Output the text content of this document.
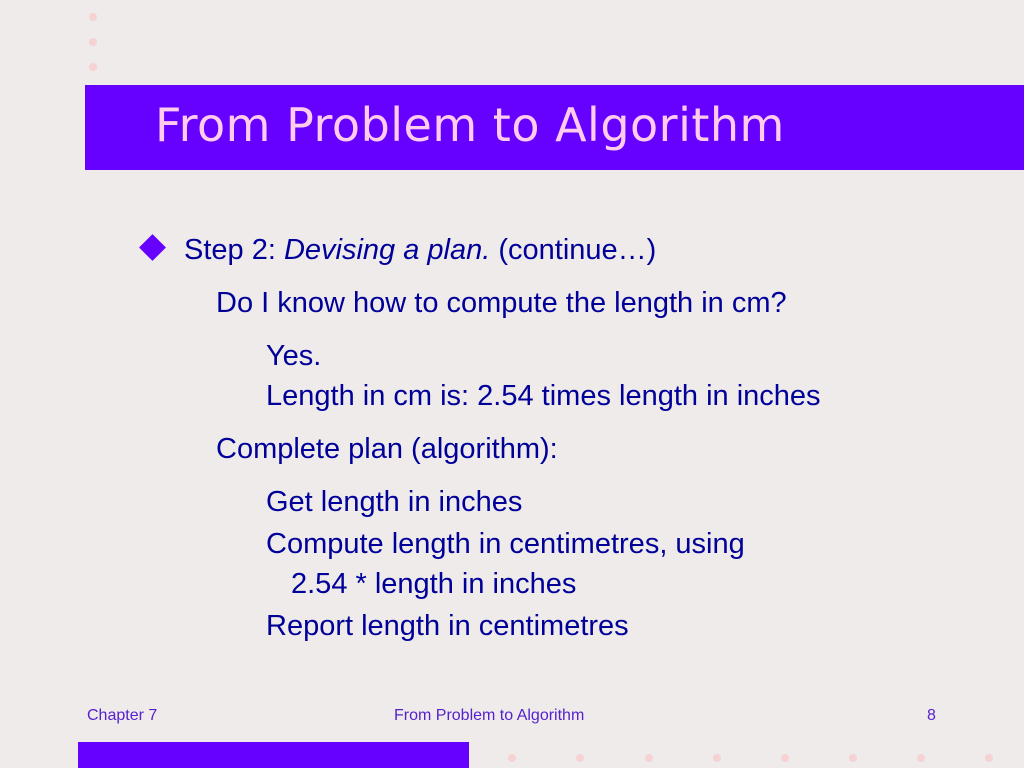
From Problem to Algorithm

Step 2: Devising a plan. (continue…)

Do I know how to compute the length in cm?

Yes.

Length in cm is: 2.54 times length in inches

Complete plan (algorithm):

Get length in inches

Compute length in centimetres, using

2.54 * length in inches

Report length in centimetres

Chapter 7	From Problem to Algorithm	8
